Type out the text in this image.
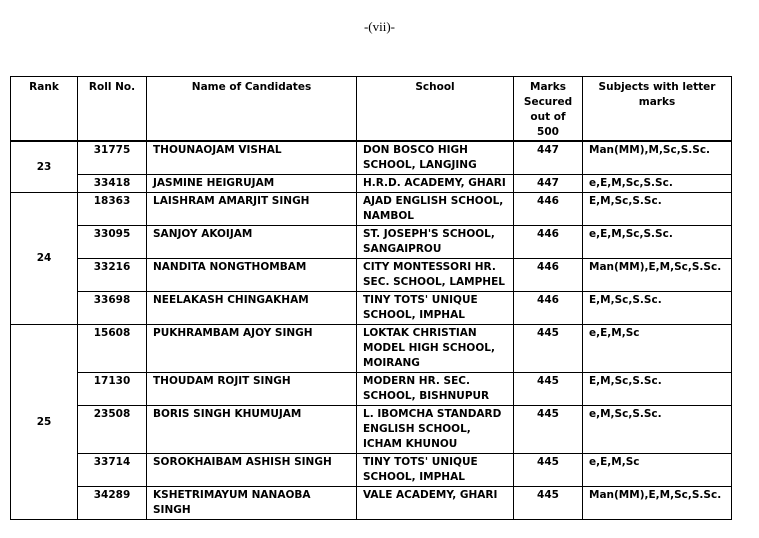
-(vii)-
Rank	Roll No.	Name of Candidates	School	Marks Secured out of 500	Subjects with letter marks
23	31775	THOUNAOJAM VISHAL	DON BOSCO HIGH SCHOOL, LANGJING	447	Man(MM),M,Sc,S.Sc.
	33418	JASMINE HEIGRUJAM	H.R.D. ACADEMY, GHARI	447	e,E,M,Sc,S.Sc.
24	18363	LAISHRAM AMARJIT SINGH	AJAD ENGLISH SCHOOL, NAMBOL	446	E,M,Sc,S.Sc.
	33095	SANJOY AKOIJAM	ST. JOSEPH'S SCHOOL, SANGAIPROU	446	e,E,M,Sc,S.Sc.
	33216	NANDITA NONGTHOMBAM	CITY MONTESSORI HR. SEC. SCHOOL, LAMPHEL	446	Man(MM),E,M,Sc,S.Sc.
	33698	NEELAKASH CHINGAKHAM	TINY TOTS' UNIQUE SCHOOL, IMPHAL	446	E,M,Sc,S.Sc.
25	15608	PUKHRAMBAM AJOY SINGH	LOKTAK CHRISTIAN MODEL HIGH SCHOOL, MOIRANG	445	e,E,M,Sc
	17130	THOUDAM ROJIT SINGH	MODERN HR. SEC. SCHOOL, BISHNUPUR	445	E,M,Sc,S.Sc.
	23508	BORIS SINGH KHUMUJAM	L. IBOMCHA STANDARD ENGLISH SCHOOL, ICHAM KHUNOU	445	e,M,Sc,S.Sc.
	33714	SOROKHAIBAM ASHISH SINGH	TINY TOTS' UNIQUE SCHOOL, IMPHAL	445	e,E,M,Sc
	34289	KSHETRIMAYUM NANAOBA SINGH	VALE ACADEMY, GHARI	445	Man(MM),E,M,Sc,S.Sc.
